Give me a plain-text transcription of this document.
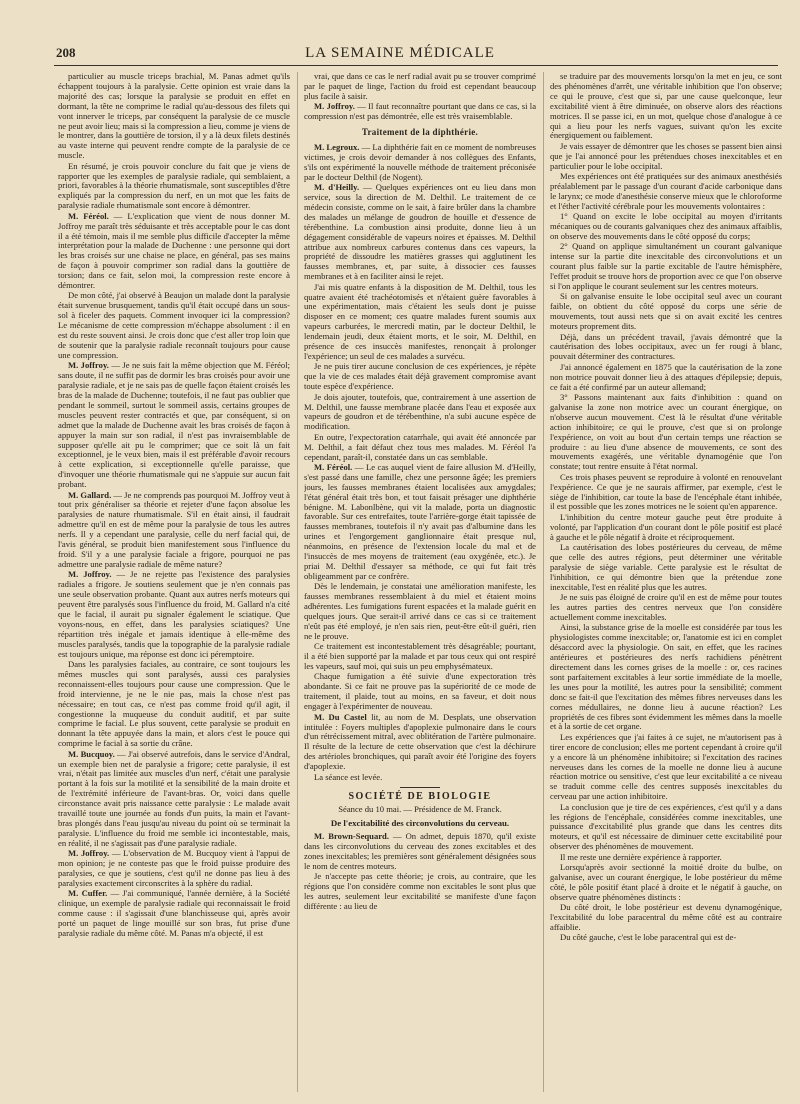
208	LA SEMAINE MÉDICALE

particulier au muscle triceps brachial, M. Panas admet qu'ils échappent toujours à la paralysie. Cette opinion est vraie dans la majorité des cas; lorsque la paralysie se produit en effet en dormant, la tête ne comprime le radial qu'au-dessous des filets qui vont innerver le triceps, par conséquent la paralysie de ce muscle ne peut avoir lieu; mais si la compression a lieu, comme je viens de le montrer, dans la gouttière de torsion, il y a là deux filets destinés au vaste interne qui peuvent rendre compte de la paralysie de ce muscle.

En résumé, je crois pouvoir conclure du fait que je viens de rapporter que les exemples de paralysie radiale, qui semblaient, a priori, favorables à la théorie rhumatismale, sont susceptibles d'être expliqués par la compression du nerf, en un mot que les faits de paralysie radiale rhumatismale sont encore à démontrer.

M. Féréol. — L'explication que vient de nous donner M. Joffroy me paraît très séduisante et très acceptable pour le cas dont il a été témoin, mais il me semble plus difficile d'accepter la même interprétation pour la malade de Duchenne : une personne qui dort les bras croisés sur une chaise ne place, en général, pas ses mains de façon à pouvoir comprimer son radial dans la gouttière de torsion; dans ce fait, selon moi, la compression reste encore à démontrer.

De mon côté, j'ai observé à Beaujon un malade dont la paralysie était survenue brusquement, tandis qu'il était occupé dans un sous-sol à ficeler des paquets. Comment invoquer ici la compression? Le mécanisme de cette compression m'échappe absolument : il en est du reste souvent ainsi. Je crois donc que c'est aller trop loin que de soutenir que la paralysie radiale reconnaît toujours pour cause une compression.

M. Joffroy. — Je ne suis fait la même objection que M. Féréol; sans doute, il ne suffit pas de dormir les bras croisés pour avoir une paralysie radiale, et je ne sais pas de quelle façon étaient croisés les bras de la malade de Duchenne; toutefois, il ne faut pas oublier que pendant le sommeil, surtout le sommeil assis, certains groupes de muscles peuvent rester contractés et que, par conséquent, si on admet que la malade de Duchenne avait les bras croisés de façon à appuyer la main sur son radial, il n'est pas invraisemblable de supposer qu'elle ait pu le comprimer; que ce soit là un fait exceptionnel, je le veux bien, mais il est préférable d'avoir recours à cette explication, si exceptionnelle qu'elle paraisse, que d'invoquer une théorie rhumatismale qui ne s'appuie sur aucun fait probant.

M. Gallard. — Je ne comprends pas pourquoi M. Joffroy veut à tout prix généraliser sa théorie et rejeter d'une façon absolue les paralysies de nature rhumatismale. S'il en était ainsi, il faudrait admettre qu'il en est de même pour la paralysie de tous les autres nerfs. Il y a cependant une paralysie, celle du nerf facial qui, de l'avis général, se produit bien manifestement sous l'influence du froid. S'il y a une paralysie faciale a frigore, pourquoi ne pas admettre une paralysie radiale de même nature?

M. Joffroy. — Je ne rejette pas l'existence des paralysies radiales a frigore. Je soutiens seulement que je n'en connais pas une seule observation probante. Quant aux autres nerfs moteurs qui peuvent être paralysés sous l'influence du froid, M. Gallard n'a cité que le facial, il aurait pu signaler également le sciatique. Que voyons-nous, en effet, dans les paralysies sciatiques? Une répartition très inégale et jamais identique à elle-même des muscles paralysés, tandis que la topographie de la paralysie radiale est toujours unique, ma réponse est donc ici péremptoire.

Dans les paralysies faciales, au contraire, ce sont toujours les mêmes muscles qui sont paralysés, aussi ces paralysies reconnaissent-elles toujours pour cause une compression. Que le froid intervienne, je ne le nie pas, mais la chose n'est pas nécessaire; en tout cas, ce n'est pas comme froid qu'il agit, il congestionne la muqueuse du conduit auditif, et par suite comprime le facial. Le plus souvent, cette paralysie se produit en donnant la tête appuyée dans la main, et alors c'est le pouce qui comprime le facial à sa sortie du crâne.

M. Bucquoy. — J'ai observé autrefois, dans le service d'Andral, un exemple bien net de paralysie a frigore; cette paralysie, il est vrai, n'était pas limitée aux muscles d'un nerf, c'était une paralysie portant à la fois sur la motilité et la sensibilité de la main droite et de l'extrémité inférieure de l'avant-bras. Or, voici dans quelle circonstance avait pris naissance cette paralysie : Le malade avait travaillé toute une journée au fonds d'un puits, la main et l'avant-bras plongés dans l'eau jusqu'au niveau du point où se terminait la paralysie. L'influence du froid me semble ici incontestable, mais, en réalité, il ne s'agissait pas d'une paralysie radiale.

M. Joffroy. — L'observation de M. Bucquoy vient à l'appui de mon opinion; je ne conteste pas que le froid puisse produire des paralysies, ce que je soutiens, c'est qu'il ne donne pas lieu à des paralysies exactement circonscrites à la sphère du radial.

M. Cuffer. — J'ai communiqué, l'année dernière, à la Société clinique, un exemple de paralysie radiale qui reconnaissait le froid comme cause : il s'agissait d'une blanchisseuse qui, après avoir porté un paquet de linge mouillé sur son bras, fut prise d'une paralysie radiale du même côté. M. Panas m'a objecté, il est

vrai, que dans ce cas le nerf radial avait pu se trouver comprimé par le paquet de linge, l'action du froid est cependant beaucoup plus facile à saisir.

M. Joffroy. — Il faut reconnaître pourtant que dans ce cas, si la compression n'est pas démontrée, elle est très vraisemblable.

Traitement de la diphthérie.

M. Legroux. — La diphthérie fait en ce moment de nombreuses victimes, je crois devoir demander à nos collègues des Enfants, s'ils ont expérimenté la nouvelle méthode de traitement préconisée par le docteur Delthil (de Nogent).

M. d'Heilly. — Quelques expériences ont eu lieu dans mon service, sous la direction de M. Delthil. Le traitement de ce médecin consiste, comme on le sait, à faire brûler dans la chambre des malades un mélange de goudron de houille et d'essence de térébenthine. La combustion ainsi produite, donne lieu à un dégagement considérable de vapeurs noires et épaisses. M. Delthil attribue aux nombreux carbures contenus dans ces vapeurs, la propriété de dissoudre les matières grasses qui agglutinent les fausses membranes, et, par suite, à dissocier ces fausses membranes et à en faciliter ainsi le rejet.

J'ai mis quatre enfants à la disposition de M. Delthil, tous les quatre avaient été trachéotomisés et n'étaient guère favorables à une expérimentation, mais c'étaient les seuls dont je puisse disposer en ce moment; ces quatre malades furent soumis aux vapeurs carburées, le mercredi matin, par le docteur Delthil, le lendemain jeudi, deux étaient morts, et le soir, M. Delthil, en présence de ces insuccès manifestes, renonçait à prolonger l'expérience; un seul de ces malades a survécu.

Je ne puis tirer aucune conclusion de ces expériences, je répète que la vie de ces malades était déjà gravement compromise avant toute espèce d'expérience.

Je dois ajouter, toutefois, que, contrairement à une assertion de M. Delthil, une fausse membrane placée dans l'eau et exposée aux vapeurs de goudron et de térébenthine, n'a subi aucune espèce de modification.

En outre, l'expectoration catarrhale, qui avait été annoncée par M. Delthil, a fait défaut chez tous mes malades. M. Féréol l'a cependant, paraît-il, constatée dans un cas semblable.

M. Féréol. — Le cas auquel vient de faire allusion M. d'Heilly, s'est passé dans une famille, chez une personne âgée; les premiers jours, les fausses membranes étaient localisées aux amygdales; l'état général était très bon, et tout faisait présager une diphthérie bénigne. M. Labonlbène, qui vit la malade, porta un diagnostic favorable. Sur ces entrefaites, toute l'arrière-gorge était tapissée de fausses membranes, toutefois il n'y avait pas d'albumine dans les urines et l'engorgement ganglionnaire était presque nul, néanmoins, en présence de l'extension locale du mal et de l'insuccès de mes moyens de traitement (eau oxygénée, etc.). Je priai M. Delthil d'essayer sa méthode, ce qui fut fait très obligeamment par ce confrère.

Dès le lendemain, je constatai une amélioration manifeste, les fausses membranes ressemblaient à du miel et étaient moins adhérentes. Les fumigations furent espacées et la malade guérit en quelques jours. Que serait-il arrivé dans ce cas si ce traitement n'eût pas été employé, je n'en sais rien, peut-être eût-il guéri, rien ne le prouve.

Ce traitement est incontestablement très désagréable; pourtant, il a été bien supporté par la malade et par tous ceux qui ont respiré les vapeurs, sauf moi, qui suis un peu emphysémateux.

Chaque fumigation a été suivie d'une expectoration très abondante. Si ce fait ne prouve pas la supériorité de ce mode de traitement, il plaide, tout au moins, en sa faveur, et doit nous engager à l'expérimenter de nouveau.

M. Du Castel lit, au nom de M. Desplats, une observation intitulée : Foyers multiples d'apoplexie pulmonaire dans le cours d'un rétrécissement mitral, avec oblitération de l'artère pulmonaire. Il résulte de la lecture de cette observation que c'est la déchirure des artérioles bronchiques, qui paraît avoir été l'origine des foyers d'apoplexie.

La séance est levée.

SOCIÉTÉ DE BIOLOGIE
Séance du 10 mai. — Présidence de M. Franck.
De l'excitabilité des circonvolutions du cerveau.

M. Brown-Sequard. — On admet, depuis 1870, qu'il existe dans les circonvolutions du cerveau des zones excitables et des zones inexcitables; les premières sont généralement désignées sous le nom de centres moteurs.

Je n'accepte pas cette théorie; je crois, au contraire, que les régions que l'on considère comme non excitables le sont plus que les autres, seulement leur excitabilité se manifeste d'une façon différente : au lieu de

se traduire par des mouvements lorsqu'on la met en jeu, ce sont des phénomènes d'arrêt, une véritable inhibition que l'on observe; ce qui le prouve, c'est que si, par une cause quelconque, leur excitabilité vient à être diminuée, on observe alors des réactions motrices. Il se passe ici, en un mot, quelque chose d'analogue à ce qui a lieu pour les nerfs vagues, suivant qu'on les excite énergiquement ou faiblement.

Je vais essayer de démontrer que les choses se passent bien ainsi que je l'ai annoncé pour les prétendues choses inexcitables et en particulier pour le lobe occipital.

Mes expériences ont été pratiquées sur des animaux anesthésiés préalablement par le passage d'un courant d'acide carbonique dans le larynx; ce mode d'anesthésie conserve mieux que le chloroforme et l'éther l'activité cérébrale pour les mouvements volontaires :

1° Quand on excite le lobe occipital au moyen d'irritants mécaniques ou de courants galvaniques chez des animaux affaiblis, on observe des mouvements dans le côté opposé du corps;

2° Quand on applique simultanément un courant galvanique intense sur la partie dite inexcitable des circonvolutions et un courant plus faible sur la partie excitable de l'autre hémisphère, l'effet produit se trouve hors de proportion avec ce que l'on observe si l'on applique le courant seulement sur les centres moteurs.

Si on galvanise ensuite le lobe occipital seul avec un courant faible, on obtient du côté opposé du corps une série de mouvements, tout aussi nets que si on avait excité les centres moteurs proprement dits.

Déjà, dans un précédent travail, j'avais démontré que la cautérisation des lobes occipitaux, avec un fer rougi à blanc, pouvait déterminer des contractures.

J'ai annoncé également en 1875 que la cautérisation de la zone non motrice pouvait donner lieu à des attaques d'épilepsie; depuis, ce fait a été confirmé par un auteur allemand;

3° Passons maintenant aux faits d'inhibition : quand on galvanise la zone non motrice avec un courant énergique, on n'observe aucun mouvement. C'est là le résultat d'une véritable action inhibitoire; ce qui le prouve, c'est que si on prolonge l'expérience, on voit au bout d'un certain temps une réaction se produire : au lieu d'une absence de mouvements, ce sont des mouvements exagérés, une véritable dynamogénie que l'on constate; tout rentre ensuite à l'état normal.

Ces trois phases peuvent se reproduire à volonté en renouvelant l'expérience. Ce que je ne saurais affirmer, par exemple, c'est le siège de l'inhibition, car toute la base de l'encéphale étant inhibée, il est possible que les zones motrices ne le soient qu'en apparence.

L'inhibition du centre moteur gauche peut être produite à volonté, par l'application d'un courant dont le pôle positif est placé à gauche et le pôle négatif à droite et réciproquement.

La cautérisation des lobes postérieures du cerveau, de même que celle des autres régions, peut déterminer une véritable paralysie de siège variable. Cette paralysie est le résultat de l'inhibition, ce qui démontre bien que la prétendue zone inexcitable, l'est en réalité plus que les autres.

Je ne suis pas éloigné de croire qu'il en est de même pour toutes les autres parties des centres nerveux que l'on considère actuellement comme inexcitables.

Ainsi, la substance grise de la moelle est considérée par tous les physiologistes comme inexcitable; or, l'anatomie est ici en complet désaccord avec la physiologie. On sait, en effet, que les racines antérieures et postérieures des nerfs rachidiens pénètrent directement dans les cornes grises de la moelle : or, ces racines sont parfaitement excitables à leur sortie immédiate de la moelle, les unes pour la motilité, les autres pour la sensibilité; comment donc se fait-il que l'excitation des mêmes fibres nerveuses dans les cornes médullaires, ne donne lieu à aucune réaction? Les propriétés de ces fibres sont évidemment les mêmes dans la moelle et à la sortie de cet organe.

Les expériences que j'ai faites à ce sujet, ne m'autorisent pas à tirer encore de conclusion; elles me portent cependant à croire qu'il y a encore là un phénomène inhibitoire; si l'excitation des racines nerveuses dans les cornes de la moelle ne donne lieu à aucune réaction motrice ou sensitive, c'est que leur excitabilité a ce niveau se traduit comme celle des centres supposés inexcitables du cerveau par une action inhibitoire.

La conclusion que je tire de ces expériences, c'est qu'il y a dans les régions de l'encéphale, considérées comme inexcitables, une puissance d'excitabilité plus grande que dans les centres dits moteurs, et qu'il est nécessaire de diminuer cette excitabilité pour observer des phénomènes de mouvement.

Il me reste une dernière expérience à rapporter.

Lorsqu'après avoir sectionné la moitié droite du bulbe, on galvanise, avec un courant énergique, le lobe postérieur du même côté, le pôle positif étant placé à droite et le négatif à gauche, on observe quatre phénomènes distincts :

Du côté droit, le lobe postérieur est devenu dynamogénique, l'excitabilité du lobe paracentral du même côté est au contraire affaiblie.

Du côté gauche, c'est le lobe paracentral qui est de-
